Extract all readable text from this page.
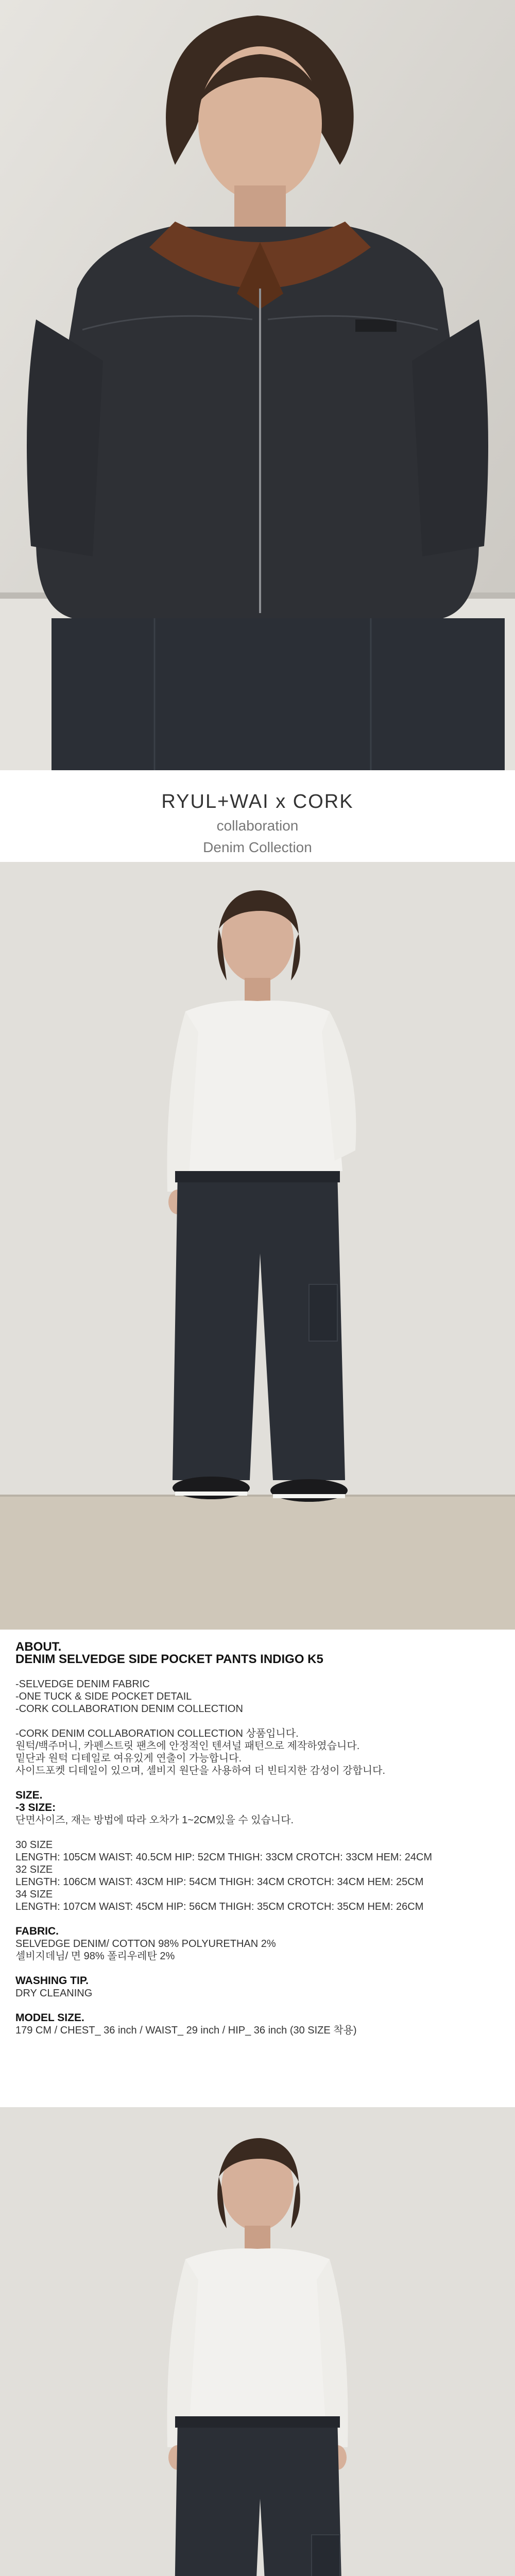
RYUL+WAI x CORK
collaboration
Denim Collection

ABOUT.

DENIM SELVEDGE SIDE POCKET PANTS INDIGO K5

-SELVEDGE DENIM FABRIC

-ONE TUCK & SIDE POCKET DETAIL

-CORK COLLABORATION DENIM COLLECTION

-CORK DENIM COLLABORATION COLLECTION 상품입니다.

원턱/백주머니, 카펜스트릿 팬츠에 안정적인 텐셔널 패턴으로 제작하였습니다.

밑단과 원턱 디테일로 여유있게 연출이 가능합니다.

사이드포켓 디테일이 있으며, 셀비지 원단을 사용하여 더 빈티지한 감성이 강합니다.

SIZE.

-3 SIZE:

단면사이즈, 재는 방법에 따라 오차가 1~2CM있을 수 있습니다.

30 SIZE

LENGTH: 105CM WAIST: 40.5CM HIP: 52CM THIGH: 33CM CROTCH: 33CM HEM: 24CM

32 SIZE

LENGTH: 106CM WAIST: 43CM HIP: 54CM THIGH: 34CM CROTCH: 34CM HEM: 25CM

34 SIZE

LENGTH: 107CM WAIST: 45CM HIP: 56CM THIGH: 35CM CROTCH: 35CM HEM: 26CM

FABRIC.

SELVEDGE DENIM/ COTTON 98% POLYURETHAN 2%

셀비지데님/ 면 98% 폴리우레탄 2%

WASHING TIP.

DRY CLEANING

MODEL SIZE.

179 CM / CHEST_ 36 inch / WAIST_ 29 inch / HIP_ 36 inch (30 SIZE 착용)
